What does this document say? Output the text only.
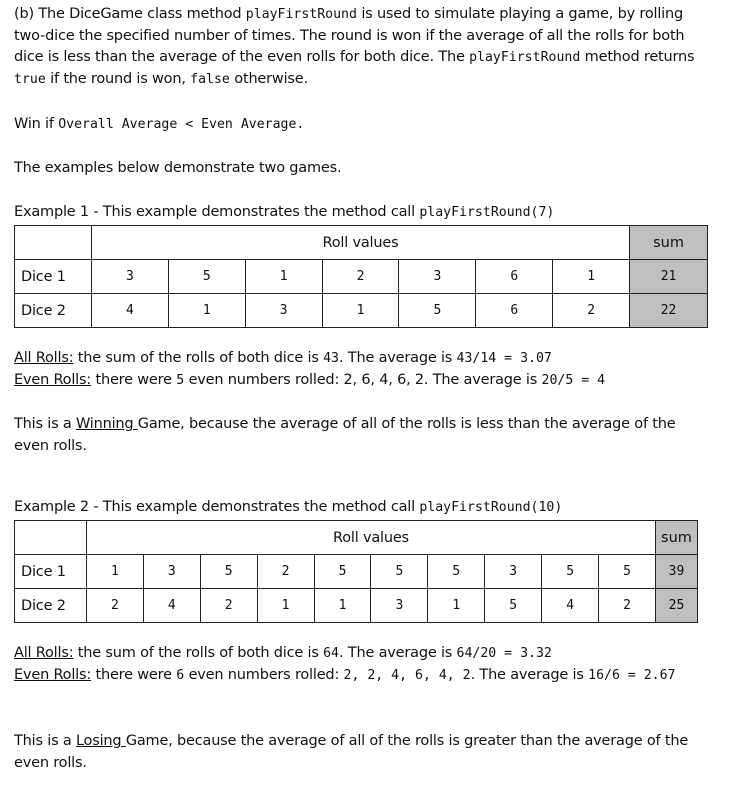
(b) The DiceGame class method playFirstRound is used to simulate playing a game, by rolling two-dice the specified number of times. The round is won if the average of all the rolls for both dice is less than the average of the even rolls for both dice. The playFirstRound method returns true if the round is won, false otherwise.

Win if Overall Average < Even Average.

The examples below demonstrate two games.

Example 1 - This example demonstrates the method call playFirstRound(7)

	Roll values							sum
Dice 1	3	5	1	2	3	6	1	21
Dice 2	4	1	3	1	5	6	2	22

All Rolls: the sum of the rolls of both dice is 43. The average is 43/14 = 3.07

Even Rolls: there were 5 even numbers rolled: 2, 6, 4, 6, 2. The average is 20/5 = 4

This is a Winning Game, because the average of all of the rolls is less than the average of the even rolls.

Example 2 - This example demonstrates the method call playFirstRound(10)

	Roll values										sum
Dice 1	1	3	5	2	5	5	5	3	5	5	39
Dice 2	2	4	2	1	1	3	1	5	4	2	25

All Rolls: the sum of the rolls of both dice is 64. The average is 64/20 = 3.32

Even Rolls: there were 6 even numbers rolled: 2, 2, 4, 6, 4, 2. The average is 16/6 = 2.67

This is a Losing Game, because the average of all of the rolls is greater than the average of the even rolls.
